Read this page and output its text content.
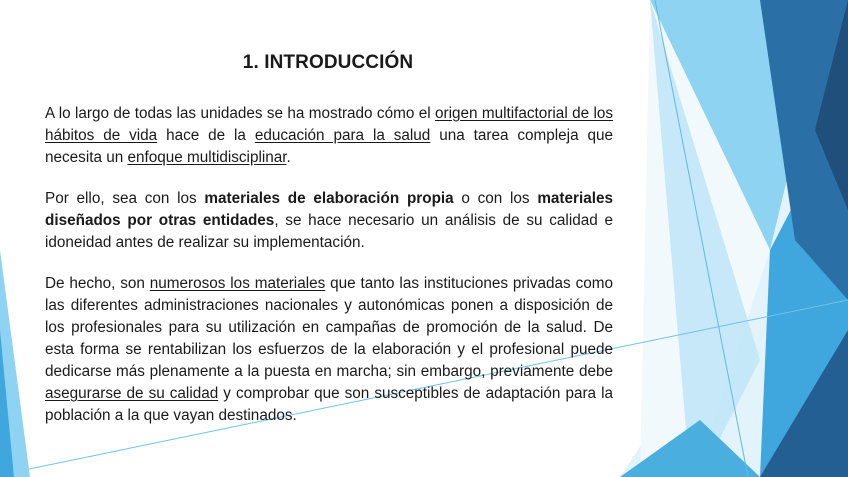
1. INTRODUCCIÓN

A lo largo de todas las unidades se ha mostrado cómo el origen multifactorial de los hábitos de vida hace de la educación para la salud una tarea compleja que necesita un enfoque multidisciplinar.

Por ello, sea con los materiales de elaboración propia o con los materiales diseñados por otras entidades, se hace necesario un análisis de su calidad e idoneidad antes de realizar su implementación.

De hecho, son numerosos los materiales que tanto las instituciones privadas como las diferentes administraciones nacionales y autonómicas ponen a disposición de los profesionales para su utilización en campañas de promoción de la salud. De esta forma se rentabilizan los esfuerzos de la elaboración y el profesional puede dedicarse más plenamente a la puesta en marcha; sin embargo, previamente debe asegurarse de su calidad y comprobar que son susceptibles de adaptación para la población a la que vayan destinados.
